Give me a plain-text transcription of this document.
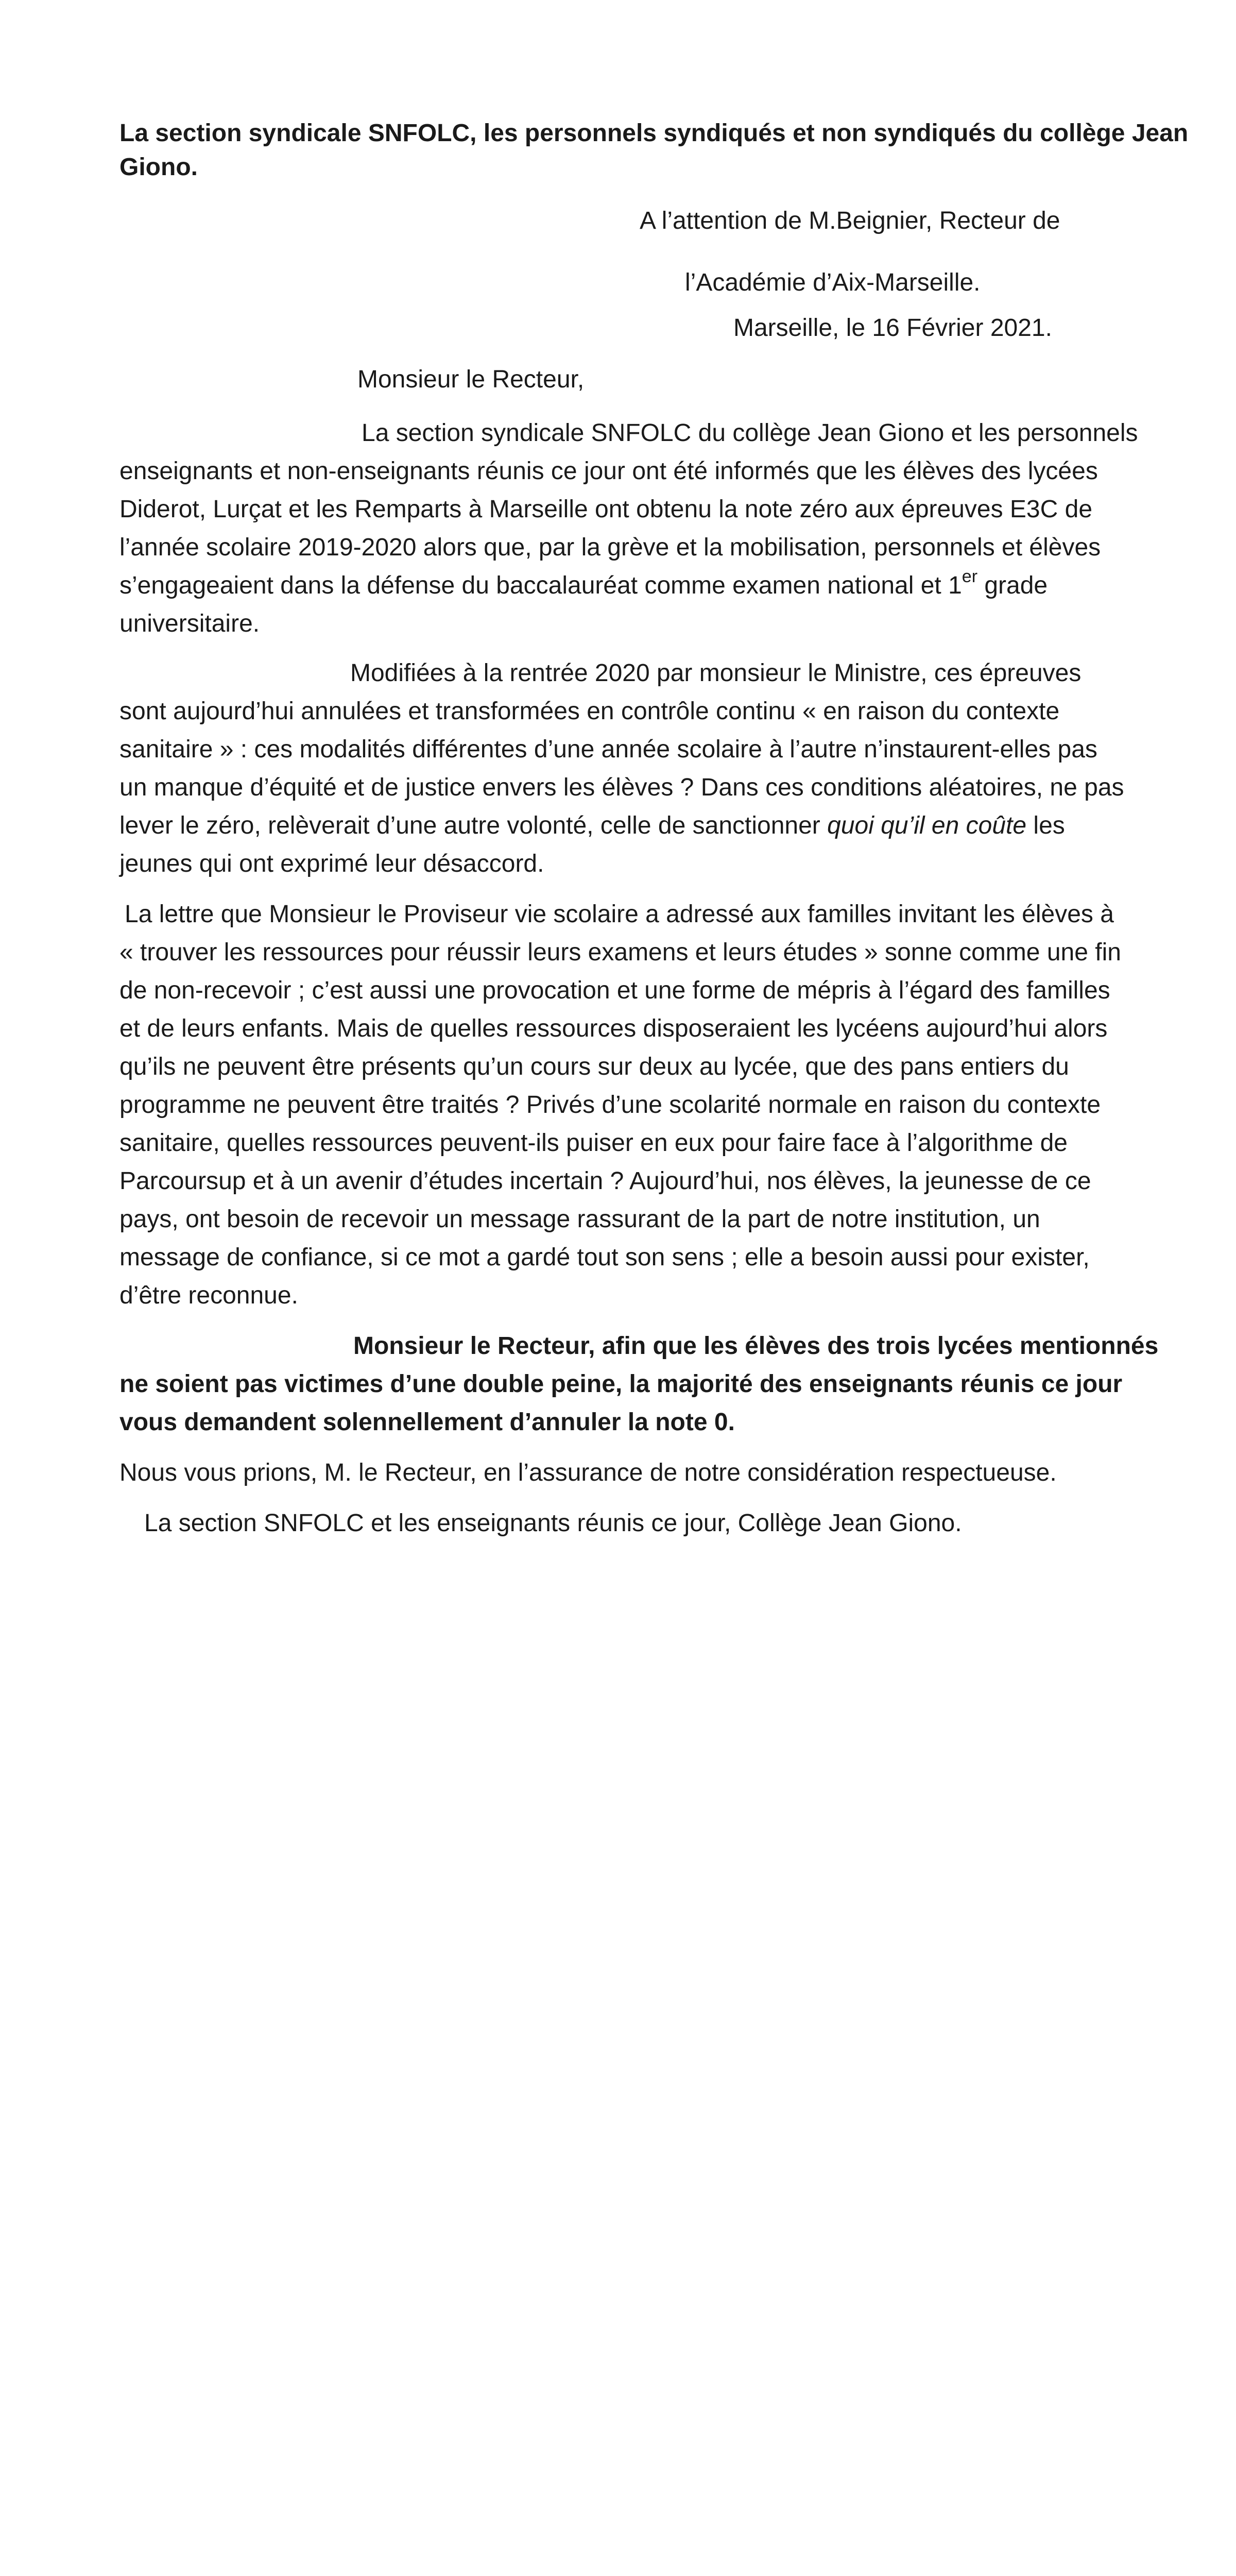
La section syndicale SNFOLC, les personnels syndiqués et non syndiqués du collège Jean
Giono.

A l’attention de M.Beignier, Recteur de

l’Académie d’Aix-Marseille.

Marseille, le 16 Février 2021.

Monsieur le Recteur,

La section syndicale SNFOLC du collège Jean Giono et les personnels
enseignants et non-enseignants réunis ce jour ont été informés que les élèves des lycées
Diderot, Lurçat et les Remparts à Marseille ont obtenu la note zéro aux épreuves E3C de
l’année scolaire 2019-2020 alors que, par la grève et la mobilisation, personnels et élèves
s’engageaient dans la défense du baccalauréat comme examen national et 1er grade
universitaire.
Modifiées à la rentrée 2020 par monsieur le Ministre, ces épreuves
sont aujourd’hui annulées et transformées en contrôle continu « en raison du contexte
sanitaire » : ces modalités différentes d’une année scolaire à l’autre n’instaurent-elles pas
un manque d’équité et de justice envers les élèves ? Dans ces conditions aléatoires, ne pas
lever le zéro, relèverait d’une autre volonté, celle de sanctionner quoi qu’il en coûte les
jeunes qui ont exprimé leur désaccord.
La lettre que Monsieur le Proviseur vie scolaire a adressé aux familles invitant les élèves à
« trouver les ressources pour réussir leurs examens et leurs études » sonne comme une fin
de non-recevoir ; c’est aussi une provocation et une forme de mépris à l’égard des familles
et de leurs enfants. Mais de quelles ressources disposeraient les lycéens aujourd’hui alors
qu’ils ne peuvent être présents qu’un cours sur deux au lycée, que des pans entiers du
programme ne peuvent être traités ? Privés d’une scolarité normale en raison du contexte
sanitaire, quelles ressources peuvent-ils puiser en eux pour faire face à l’algorithme de
Parcoursup et à un avenir d’études incertain ? Aujourd’hui, nos élèves, la jeunesse de ce
pays, ont besoin de recevoir un message rassurant de la part de notre institution, un
message de confiance, si ce mot a gardé tout son sens ; elle a besoin aussi pour exister,
d’être reconnue.
Monsieur le Recteur, afin que les élèves des trois lycées mentionnés
ne soient pas victimes d’une double peine, la majorité des enseignants réunis ce jour
vous demandent solennellement d’annuler la note 0.

Nous vous prions, M. le Recteur, en l’assurance de notre considération respectueuse.

La section SNFOLC et les enseignants réunis ce jour, Collège Jean Giono.
